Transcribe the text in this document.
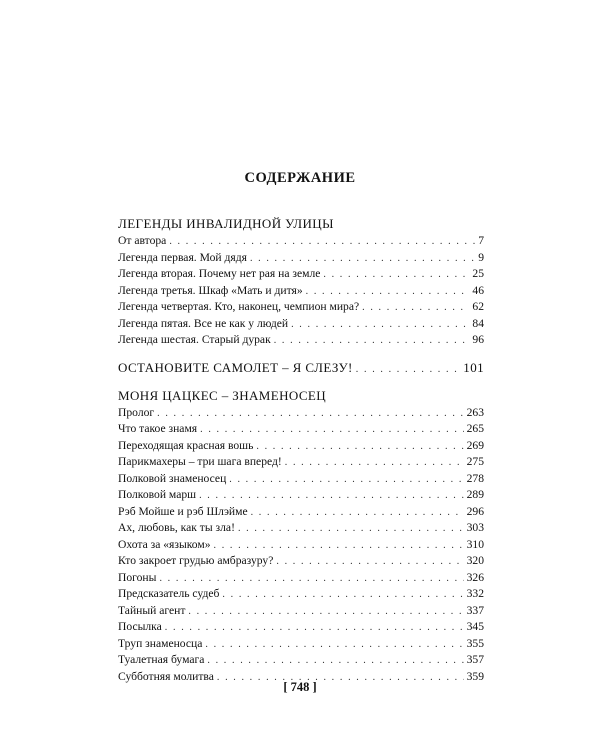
СОДЕРЖАНИЕ
ЛЕГЕНДЫ ИНВАЛИДНОЙ УЛИЦЫ
От автора . . .	7
Легенда первая. Мой дядя . . .	9
Легенда вторая. Почему нет рая на земле . . .	25
Легенда третья. Шкаф «Мать и дитя» . . .	46
Легенда четвертая. Кто, наконец, чемпион мира? . . .	62
Легенда пятая. Все не как у людей . . .	84
Легенда шестая. Старый дурак . . .	96
ОСТАНОВИТЕ САМОЛЕТ – Я СЛЕЗУ! . . .	101
МОНЯ ЦАЦКЕС – ЗНАМЕНОСЕЦ
Пролог . . .	263
Что такое знамя . . .	265
Переходящая красная вошь . . .	269
Парикмахеры – три шага вперед! . . .	275
Полковой знаменосец . . .	278
Полковой марш . . .	289
Рэб Мойше и рэб Шлэйме . . .	296
Ах, любовь, как ты зла! . . .	303
Охота за «языком» . . .	310
Кто закроет грудью амбразуру? . . .	320
Погоны . . .	326
Предсказатель судеб . . .	332
Тайный агент . . .	337
Посылка . . .	345
Труп знаменосца . . .	355
Туалетная бумага . . .	357
Субботняя молитва . . .	359
[ 748 ]
